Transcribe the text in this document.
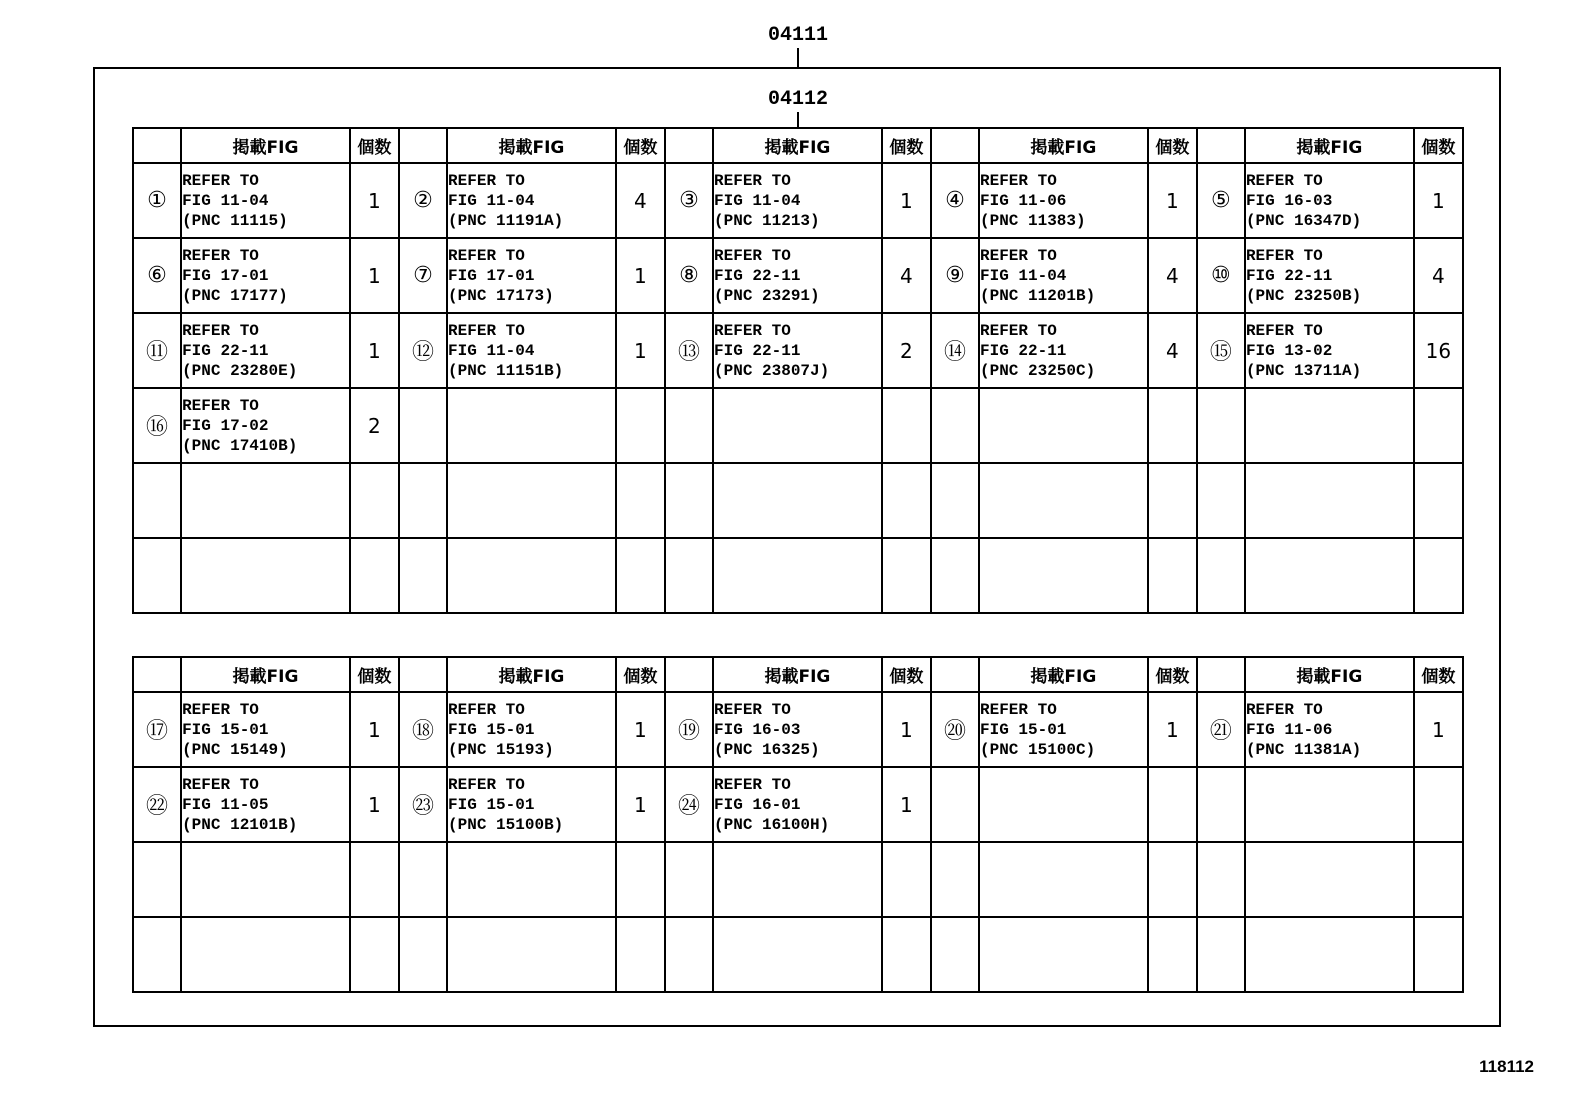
04111
04112
	掲載FIG	個数		掲載FIG	個数		掲載FIG	個数		掲載FIG	個数		掲載FIG	個数
①	REFER TO
FIG 11-04
(PNC 11115)	1	②	REFER TO
FIG 11-04
(PNC 11191A)	4	③	REFER TO
FIG 11-04
(PNC 11213)	1	④	REFER TO
FIG 11-06
(PNC 11383)	1	⑤	REFER TO
FIG 16-03
(PNC 16347D)	1
⑥	REFER TO
FIG 17-01
(PNC 17177)	1	⑦	REFER TO
FIG 17-01
(PNC 17173)	1	⑧	REFER TO
FIG 22-11
(PNC 23291)	4	⑨	REFER TO
FIG 11-04
(PNC 11201B)	4	⑩	REFER TO
FIG 22-11
(PNC 23250B)	4
⑪	REFER TO
FIG 22-11
(PNC 23280E)	1	⑫	REFER TO
FIG 11-04
(PNC 11151B)	1	⑬	REFER TO
FIG 22-11
(PNC 23807J)	2	⑭	REFER TO
FIG 22-11
(PNC 23250C)	4	⑮	REFER TO
FIG 13-02
(PNC 13711A)	16
⑯	REFER TO
FIG 17-02
(PNC 17410B)	2												

	掲載FIG	個数		掲載FIG	個数		掲載FIG	個数		掲載FIG	個数		掲載FIG	個数
⑰	REFER TO
FIG 15-01
(PNC 15149)	1	⑱	REFER TO
FIG 15-01
(PNC 15193)	1	⑲	REFER TO
FIG 16-03
(PNC 16325)	1	⑳	REFER TO
FIG 15-01
(PNC 15100C)	1	㉑	REFER TO
FIG 11-06
(PNC 11381A)	1
㉒	REFER TO
FIG 11-05
(PNC 12101B)	1	㉓	REFER TO
FIG 15-01
(PNC 15100B)	1	㉔	REFER TO
FIG 16-01
(PNC 16100H)	1						

118112
